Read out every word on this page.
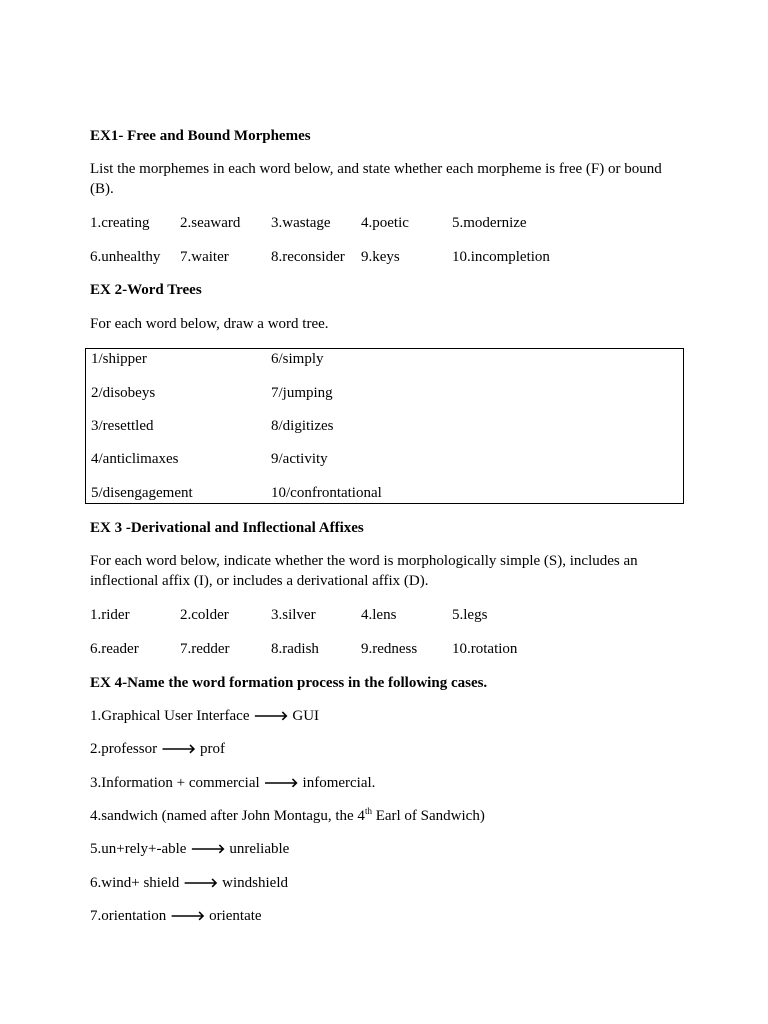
EX1- Free and Bound Morphemes
List the morphemes in each word below, and state whether each morpheme is free (F) or bound (B).
1.creating 2.seaward 3.wastage 4.poetic	5.modernize
6.unhealthy 7.waiter	8.reconsider 9.keys	10.incompletion
EX 2-Word Trees
For each word below, draw a word tree.
EX 3 -Derivational and Inflectional Affixes
For each word below, indicate whether the word is morphologically simple (S), includes an inflectional affix (I), or includes a derivational affix (D).
1.rider	2.colder	3.silver	4.lens	5.legs
6.reader	7.redder	8.radish	9.redness 10.rotation
EX 4-Name the word formation process in the following cases.
1.Graphical User Interface 🡒 GUI
2.professor 🡒 prof
3.Information + commercial 🡒 infomercial.
4.sandwich (named after John Montagu, the 4th Earl of Sandwich)
5.un+rely+-able 🡒 unreliable
6.wind+ shield 🡒 windshield
7.orientation 🡒 orientate
1/shipper	6/simply
2/disobeys	7/jumping
3/resettled	8/digitizes
4/anticlimaxes	9/activity
5/disengagement	10/confrontational
